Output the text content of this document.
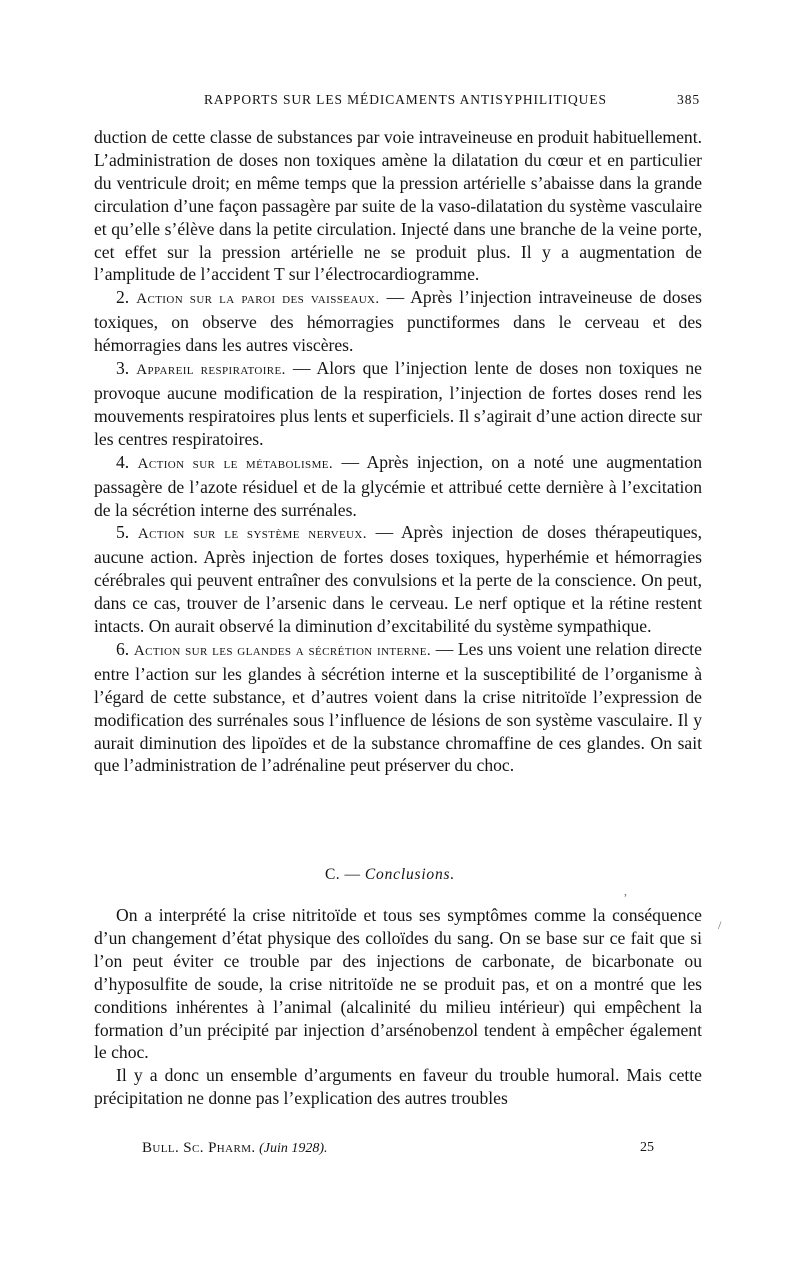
RAPPORTS SUR LES MÉDICAMENTS ANTISYPHILITIQUES	385

duction de cette classe de substances par voie intraveineuse en produit habituellement. L’administration de doses non toxiques amène la dilatation du cœur et en particulier du ventricule droit; en même temps que la pression artérielle s’abaisse dans la grande circulation d’une façon passagère par suite de la vaso-dilatation du système vasculaire et qu’elle s’élève dans la petite circulation. Injecté dans une branche de la veine porte, cet effet sur la pression artérielle ne se produit plus. Il y a augmentation de l’amplitude de l’accident T sur l’électrocardiogramme.

2. Action sur la paroi des vaisseaux. — Après l’injection intraveineuse de doses toxiques, on observe des hémorragies punctiformes dans le cerveau et des hémorragies dans les autres viscères.

3. Appareil respiratoire. — Alors que l’injection lente de doses non toxiques ne provoque aucune modification de la respiration, l’injection de fortes doses rend les mouvements respiratoires plus lents et superficiels. Il s’agirait d’une action directe sur les centres respiratoires.

4. Action sur le métabolisme. — Après injection, on a noté une augmentation passagère de l’azote résiduel et de la glycémie et attribué cette dernière à l’excitation de la sécrétion interne des surrénales.

5. Action sur le système nerveux. — Après injection de doses thérapeutiques, aucune action. Après injection de fortes doses toxiques, hyperhémie et hémorragies cérébrales qui peuvent entraîner des convulsions et la perte de la conscience. On peut, dans ce cas, trouver de l’arsenic dans le cerveau. Le nerf optique et la rétine restent intacts. On aurait observé la diminution d’excitabilité du système sympathique.

6. Action sur les glandes a sécrétion interne. — Les uns voient une relation directe entre l’action sur les glandes à sécrétion interne et la susceptibilité de l’organisme à l’égard de cette substance, et d’autres voient dans la crise nitritoïde l’expression de modification des surrénales sous l’influence de lésions de son système vasculaire. Il y aurait diminution des lipoïdes et de la substance chromaffine de ces glandes. On sait que l’administration de l’adrénaline peut préserver du choc.

C. — Conclusions.
,
/

On a interprété la crise nitritoïde et tous ses symptômes comme la conséquence d’un changement d’état physique des colloïdes du sang. On se base sur ce fait que si l’on peut éviter ce trouble par des injections de carbonate, de bicarbonate ou d’hyposulfite de soude, la crise nitritoïde ne se produit pas, et on a montré que les conditions inhérentes à l’animal (alcalinité du milieu intérieur) qui empêchent la formation d’un précipité par injection d’arsénobenzol tendent à empêcher également le choc.

Il y a donc un ensemble d’arguments en faveur du trouble humoral. Mais cette précipitation ne donne pas l’explication des autres troubles

Bull. Sc. Pharm. (Juin 1928).	25
